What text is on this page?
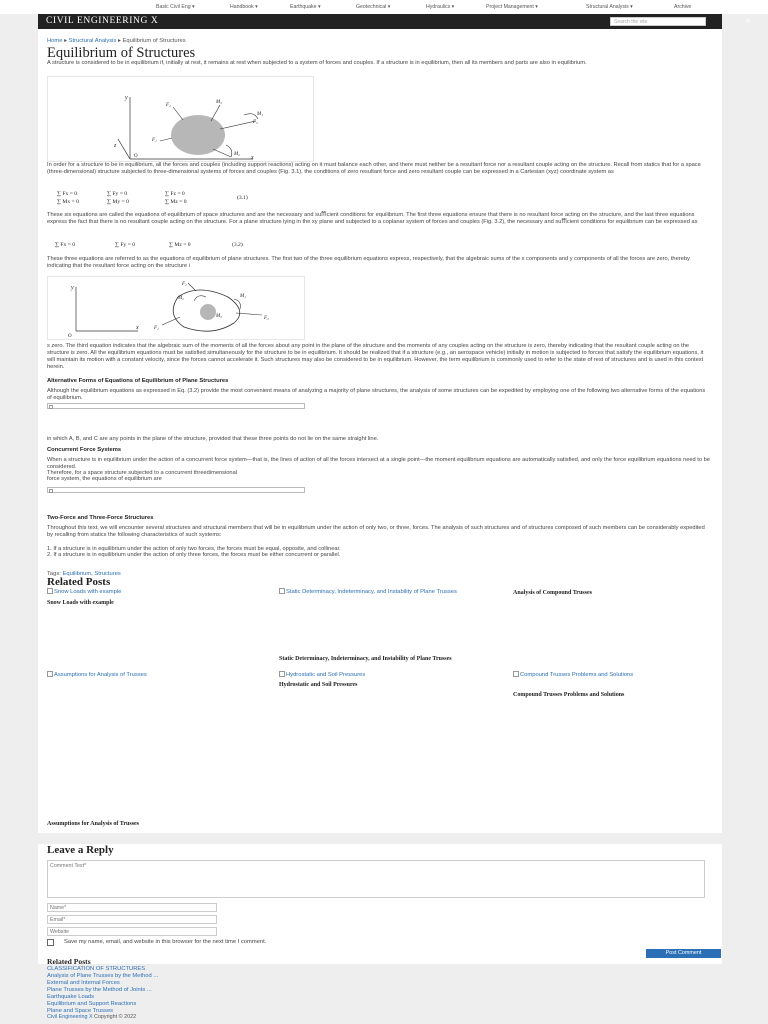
Basic Civil Eng ▾	Handbook ▾	Earthquake ▾	Geotechnical ▾	Hydraulics ▾	Project Management ▾	Structural Analysis ▾	Archive
CIVIL ENGINEERING X	Search the site	✕
Home ▸ Structural Analysis ▸ Equilibrium of Structures
Equilibrium of Structures

A structure is considered to be in equilibrium if, initially at rest, it remains at rest when subjected to a system of forces and couples. If a structure is in equilibrium, then all its members and parts are also in equilibrium.

y
x
z
O
F₁
F₂
F₃
M₁
M₂
M₃

In order for a structure to be in equilibrium, all the forces and couples (including support reactions) acting on it must balance each other, and there must neither be a resultant force nor a resultant couple acting on the structure. Recall from statics that for a space (three-dimensional) structure subjected to three-dimensional systems of forces and couples (Fig. 3.1), the conditions of zero resultant force and zero resultant couple can be expressed in a Cartesian (xyz) coordinate system as

∑ Fx = 0	∑ Fy = 0	∑ Fz = 0
∑ Mx = 0	∑ My = 0	∑ Mz = 0
(3.1)

These six equations are called the equations of equilibrium of space structures and are the necessary and suﬃcient conditions for equilibrium. The first three equations ensure that there is no resultant force acting on the structure, and the last three equations express the fact that there is no resultant couple acting on the structure. For a plane structure lying in the xy plane and subjected to a coplanar system of forces and couples (Fig. 3.2), the necessary and suﬃcient conditions for equilibrium can be expressed as

∑ Fx = 0	∑ Fy = 0	∑ Mz = 0	(3.2)

These three equations are referred to as the equations of equilibrium of plane structures. The first two of the three equilibrium equations express, respectively, that the algebraic sums of the x components and y components of all the forces are zero, thereby indicating that the resultant force acting on the structure i

y
x
O
F₁
F₂
F₃
M₁
M₂
M₃

s zero. The third equation indicates that the algebraic sum of the moments of all the forces about any point in the plane of the structure and the moments of any couples acting on the structure is zero, thereby indicating that the resultant couple acting on the structure is zero. All the equilibrium equations must be satisfied simultaneously for the structure to be in equilibrium. It should be realized that if a structure (e.g., an aerospace vehicle) initially in motion is subjected to forces that satisfy the equilibrium equations, it will maintain its motion with a constant velocity, since the forces cannot accelerate it. Such structures may also be considered to be in equilibrium. However, the term equilibrium is commonly used to refer to the state of rest of structures and is used in this context herein.

Alternative Forms of Equations of Equilibrium of Plane Structures

Although the equilibrium equations as expressed in Eq. (3.2) provide the most convenient means of analyzing a majority of plane structures, the analysis of some structures can be expedited by employing one of the following two alternative forms of the equations of equilibrium.

in which A, B, and C are any points in the plane of the structure, provided that these three points do not lie on the same straight line.

Concurrent Force Systems

When a structure is in equilibrium under the action of a concurrent force system—that is, the lines of action of all the forces intersect at a single point—the moment equilibrium equations are automatically satisfied, and only the force equilibrium equations need to be considered.

Therefore, for a space structure subjected to a concurrent threedimensional

force system, the equations of equilibrium are

Two-Force and Three-Force Structures

Throughout this text, we will encounter several structures and structural members that will be in equilibrium under the action of only two, or three, forces. The analysis of such structures and of structures composed of such members can be considerably expedited by recalling from statics the following characteristics of such systems:

1. If a structure is in equilibrium under the action of only two forces, the forces must be equal, opposite, and collinear.
2. If a structure is in equilibrium under the action of only three forces, the forces must be either concurrent or parallel.
Tags: Equilibrium, Structures
Related Posts
Snow Loads with example
Snow Loads with example
Static Determinacy, Indeterminacy, and Instability of Plane Trusses
Static Determinacy, Indeterminacy, and Instability of Plane Trusses
Analysis of Compound Trusses
Assumptions for Analysis of Trusses
Assumptions for Analysis of Trusses
Hydrostatic and Soil Pressures
Hydrostatic and Soil Pressures
Compound Trusses Problems and Solutions
Compound Trusses Problems and Solutions
Leave a Reply
Comment Text*
Name*
Email*
Website
Save my name, email, and website in this browser for the next time I comment.
Post Comment
Related Posts
CLASSIFICATION OF STRUCTURES
Analysis of Plane Trusses by the Method ...
External and Internal Forces
Plane Trusses by the Method of Joints ...
Earthquake Loads
Equilibrium and Support Reactions
Plane and Space Trusses
Civil Engineering X Copyright © 2022
